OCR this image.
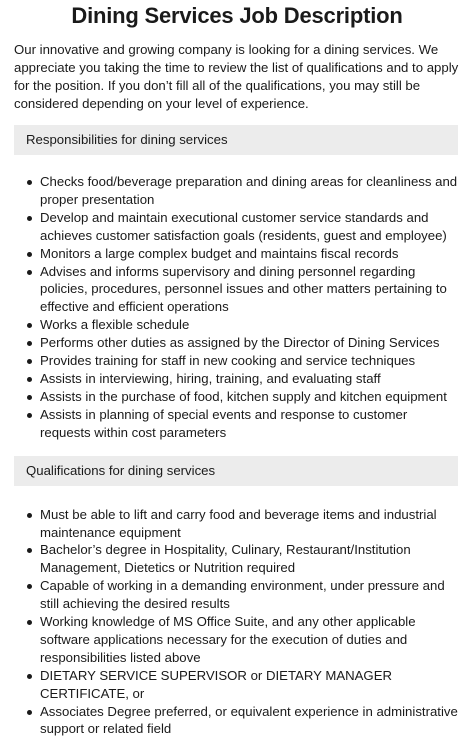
Dining Services Job Description

Our innovative and growing company is looking for a dining services. We appreciate you taking the time to review the list of qualifications and to apply for the position. If you don’t fill all of the qualifications, you may still be considered depending on your level of experience.

Responsibilities for dining services
Checks food/beverage preparation and dining areas for cleanliness and proper presentation
Develop and maintain executional customer service standards and achieves customer satisfaction goals (residents, guest and employee)
Monitors a large complex budget and maintains fiscal records
Advises and informs supervisory and dining personnel regarding policies, procedures, personnel issues and other matters pertaining to effective and efficient operations
Works a flexible schedule
Performs other duties as assigned by the Director of Dining Services
Provides training for staff in new cooking and service techniques
Assists in interviewing, hiring, training, and evaluating staff
Assists in the purchase of food, kitchen supply and kitchen equipment
Assists in planning of special events and response to customer requests within cost parameters
Qualifications for dining services
Must be able to lift and carry food and beverage items and industrial maintenance equipment
Bachelor’s degree in Hospitality, Culinary, Restaurant/Institution Management, Dietetics or Nutrition required
Capable of working in a demanding environment, under pressure and still achieving the desired results
Working knowledge of MS Office Suite, and any other applicable software applications necessary for the execution of duties and responsibilities listed above
DIETARY SERVICE SUPERVISOR or DIETARY MANAGER CERTIFICATE, or
Associates Degree preferred, or equivalent experience in administrative support or related field
